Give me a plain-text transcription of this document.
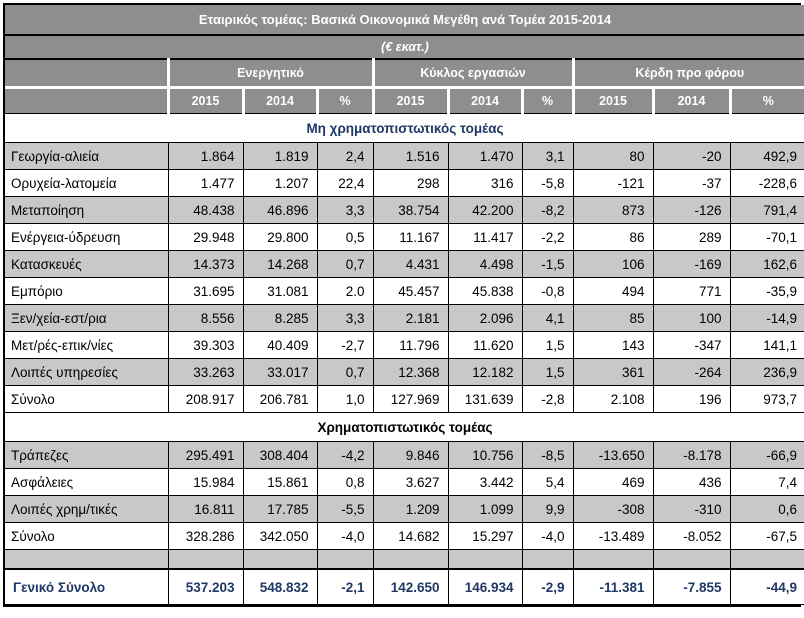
Εταιρικός τομέας: Βασικά Οικονομικά Μεγέθη ανά Τομέα 2015-2014									
(€ εκατ.)									
	Ενεργητικό			Κύκλος εργασιών			Κέρδη προ φόρου		
	2015	2014	%	2015	2014	%	2015	2014	%
Μη χρηματοπιστωτικός τομέας									
Γεωργία-αλιεία	1.864	1.819	2,4	1.516	1.470	3,1	80	-20	492,9
Ορυχεία-λατομεία	1.477	1.207	22,4	298	316	-5,8	-121	-37	-228,6
Μεταποίηση	48.438	46.896	3,3	38.754	42.200	-8,2	873	-126	791,4
Ενέργεια-ύδρευση	29.948	29.800	0,5	11.167	11.417	-2,2	86	289	-70,1
Κατασκευές	14.373	14.268	0,7	4.431	4.498	-1,5	106	-169	162,6
Εμπόριο	31.695	31.081	2.0	45.457	45.838	-0,8	494	771	-35,9
Ξεν/χεία-εστ/ρια	8.556	8.285	3,3	2.181	2.096	4,1	85	100	-14,9
Μετ/ρές-επικ/νίες	39.303	40.409	-2,7	11.796	11.620	1,5	143	-347	141,1
Λοιπές υπηρεσίες	33.263	33.017	0,7	12.368	12.182	1,5	361	-264	236,9
Σύνολο	208.917	206.781	1,0	127.969	131.639	-2,8	2.108	196	973,7
Χρηματοπιστωτικός τομέας									
Τράπεζες	295.491	308.404	-4,2	9.846	10.756	-8,5	-13.650	-8.178	-66,9
Ασφάλειες	15.984	15.861	0,8	3.627	3.442	5,4	469	436	7,4
Λοιπές χρημ/τικές	16.811	17.785	-5,5	1.209	1.099	9,9	-308	-310	0,6
Σύνολο	328.286	342.050	-4,0	14.682	15.297	-4,0	-13.489	-8.052	-67,5

Γενικό Σύνολο	537.203	548.832	-2,1	142.650	146.934	-2,9	-11.381	-7.855	-44,9
